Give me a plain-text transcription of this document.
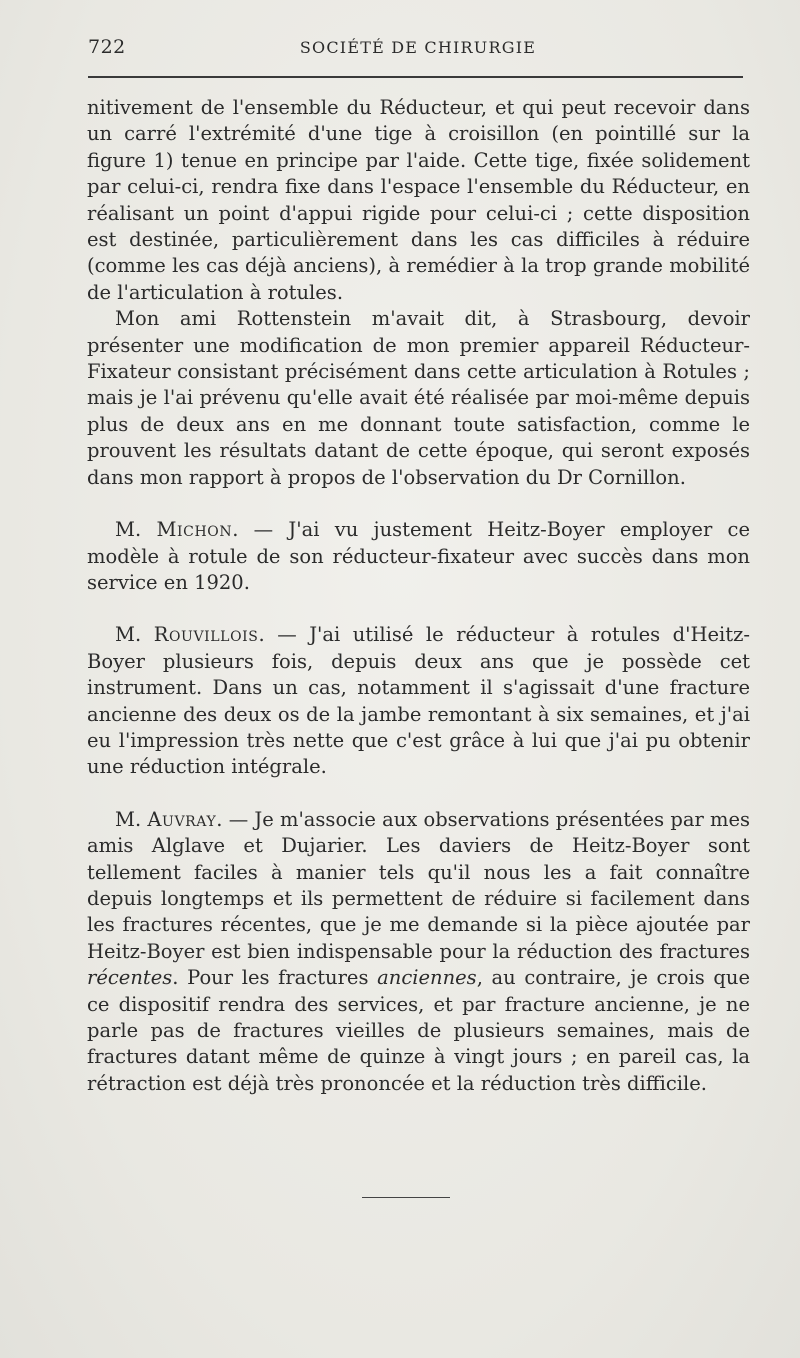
722	SOCIÉTÉ DE CHIRURGIE

nitivement de l'ensemble du Réducteur, et qui peut recevoir dans un carré l'extrémité d'une tige à croisillon (en pointillé sur la figure 1) tenue en principe par l'aide. Cette tige, fixée solidement par celui-ci, rendra fixe dans l'espace l'ensemble du Réducteur, en réalisant un point d'appui rigide pour celui-ci ; cette disposition est destinée, particulièrement dans les cas difficiles à réduire (comme les cas déjà anciens), à remédier à la trop grande mobilité de l'articulation à rotules.

Mon ami Rottenstein m'avait dit, à Strasbourg, devoir présenter une modification de mon premier appareil Réducteur-Fixateur consistant précisément dans cette articulation à Rotules ; mais je l'ai prévenu qu'elle avait été réalisée par moi-même depuis plus de deux ans en me donnant toute satisfaction, comme le prouvent les résultats datant de cette époque, qui seront exposés dans mon rapport à propos de l'observation du Dr Cornillon.

M. Michon. — J'ai vu justement Heitz-Boyer employer ce modèle à rotule de son réducteur-fixateur avec succès dans mon service en 1920.

M. Rouvillois. — J'ai utilisé le réducteur à rotules d'Heitz-Boyer plusieurs fois, depuis deux ans que je possède cet instrument. Dans un cas, notamment il s'agissait d'une fracture ancienne des deux os de la jambe remontant à six semaines, et j'ai eu l'impression très nette que c'est grâce à lui que j'ai pu obtenir une réduction intégrale.

M. Auvray. — Je m'associe aux observations présentées par mes amis Alglave et Dujarier. Les daviers de Heitz-Boyer sont tellement faciles à manier tels qu'il nous les a fait connaître depuis longtemps et ils permettent de réduire si facilement dans les fractures récentes, que je me demande si la pièce ajoutée par Heitz-Boyer est bien indispensable pour la réduction des fractures récentes. Pour les fractures anciennes, au contraire, je crois que ce dispositif rendra des services, et par fracture ancienne, je ne parle pas de fractures vieilles de plusieurs semaines, mais de fractures datant même de quinze à vingt jours ; en pareil cas, la rétraction est déjà très prononcée et la réduction très difficile.
